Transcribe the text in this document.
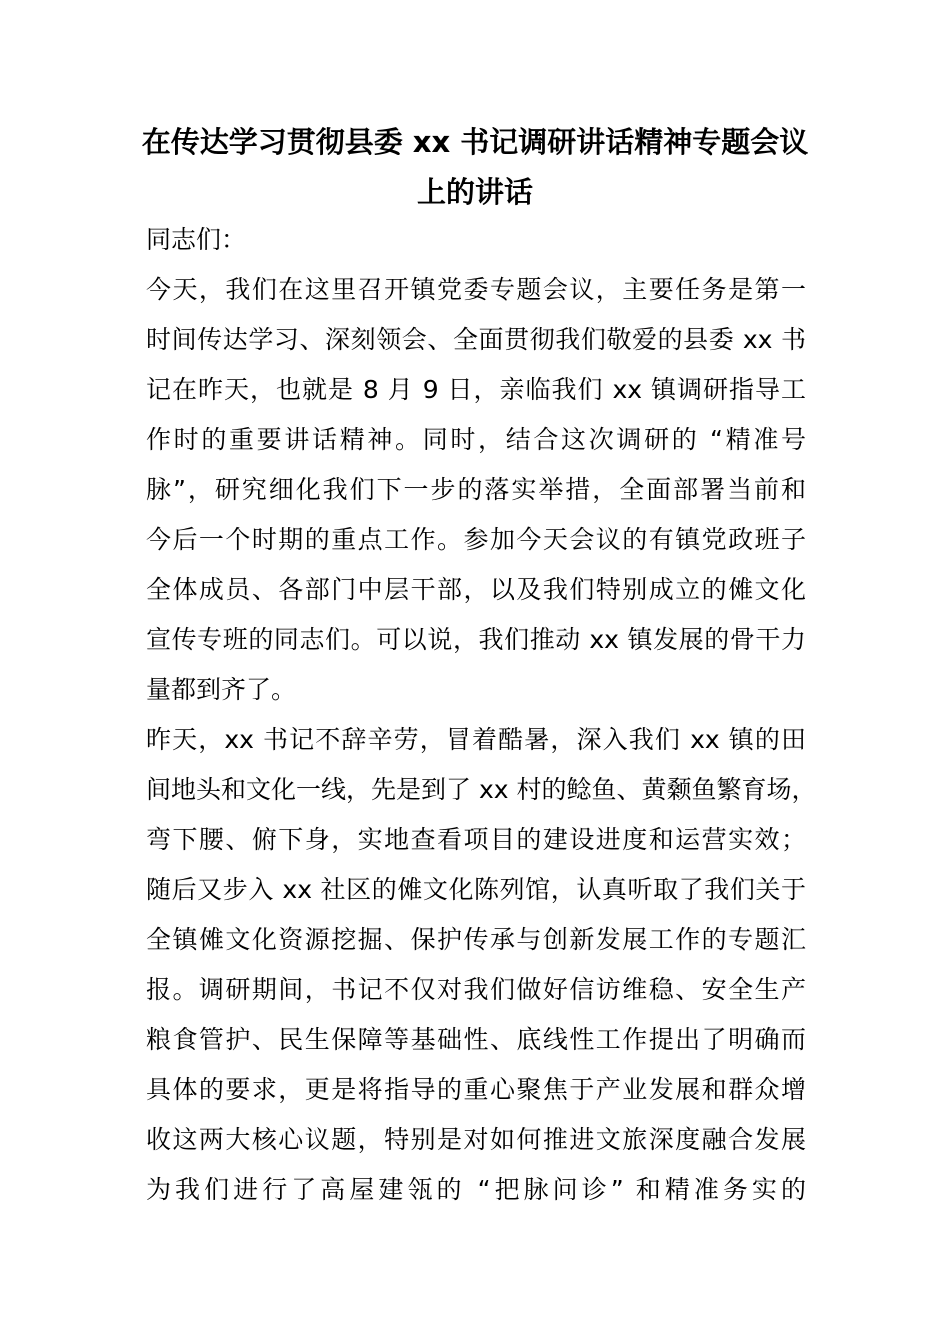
在传达学习贯彻县委 xx 书记调研讲话精神专题会议
上的讲话
同志们：
今天，我们在这里召开镇党委专题会议，主要任务是第一
时间传达学习、深刻领会、全面贯彻我们敬爱的县委 xx 书
记在昨天，也就是 8 月 9 日，亲临我们 xx 镇调研指导工
作时的重要讲话精神。同时，结合这次调研的 “精准号
脉”，研究细化我们下一步的落实举措，全面部署当前和
今后一个时期的重点工作。参加今天会议的有镇党政班子
全体成员、各部门中层干部，以及我们特别成立的傩文化
宣传专班的同志们。可以说，我们推动 xx 镇发展的骨干力
量都到齐了。
昨天，xx 书记不辞辛劳，冒着酷暑，深入我们 xx 镇的田
间地头和文化一线，先是到了 xx 村的鲶鱼、黄颡鱼繁育场，
弯下腰、俯下身，实地查看项目的建设进度和运营实效；
随后又步入 xx 社区的傩文化陈列馆，认真听取了我们关于
全镇傩文化资源挖掘、保护传承与创新发展工作的专题汇
报。调研期间，书记不仅对我们做好信访维稳、安全生产
粮食管护、民生保障等基础性、底线性工作提出了明确而
具体的要求，更是将指导的重心聚焦于产业发展和群众增
收这两大核心议题，特别是对如何推进文旅深度融合发展
为我们进行了高屋建瓴的 “把脉问诊” 和精准务实的
